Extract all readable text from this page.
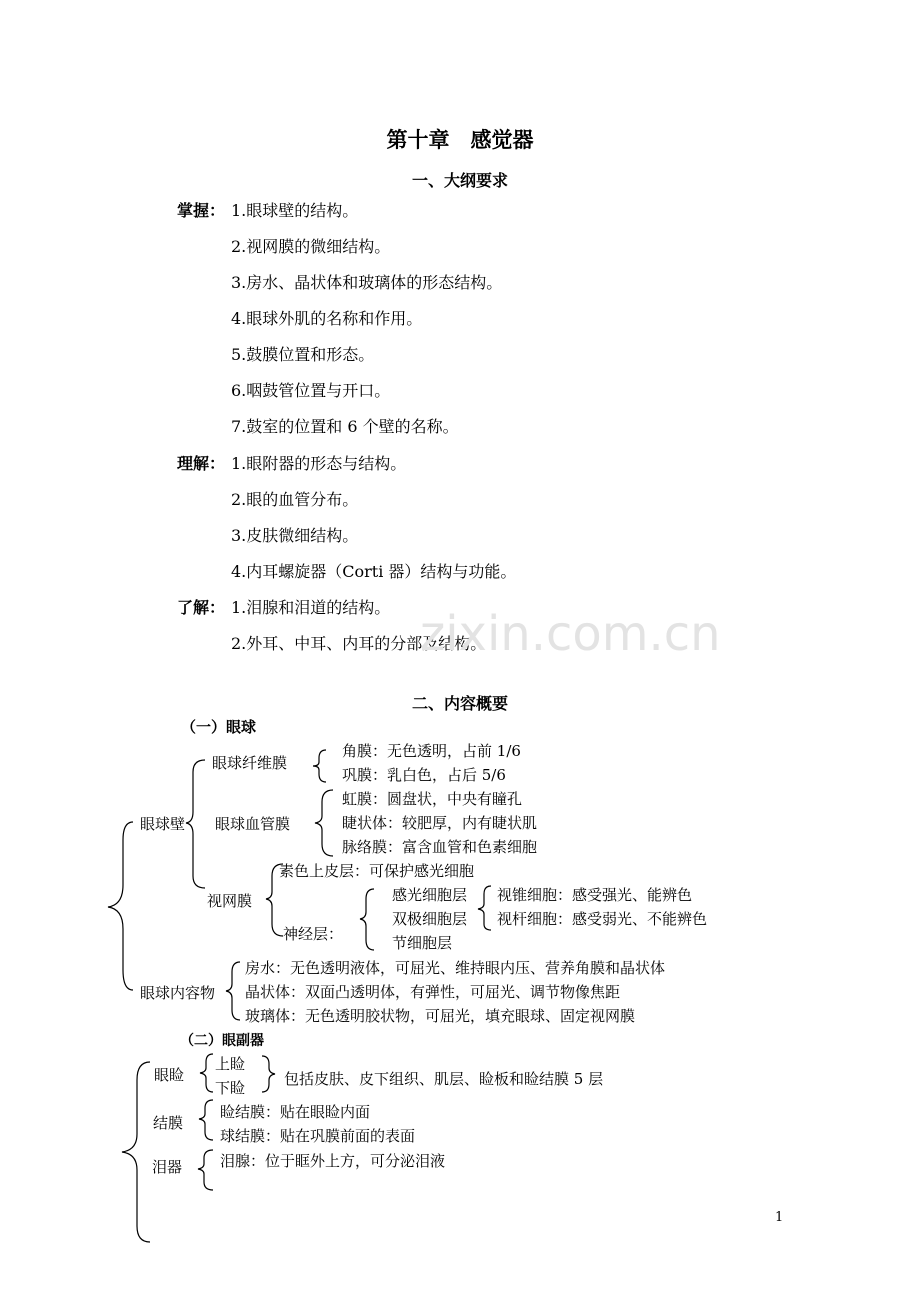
第十章　感觉器
一、大纲要求
掌握： 1.眼球壁的结构。
2.视网膜的微细结构。
3.房水、晶状体和玻璃体的形态结构。
4.眼球外肌的名称和作用。
5.鼓膜位置和形态。
6.咽鼓管位置与开口。
7.鼓室的位置和 6 个壁的名称。
理解： 1.眼附器的形态与结构。
2.眼的血管分布。
3.皮肤微细结构。
4.内耳螺旋器（Corti 器）结构与功能。
了解： 1.泪腺和泪道的结构。
2.外耳、中耳、内耳的分部及结构。
zixin.com.cn
二、内容概要
（一）眼球
眼球壁
眼球纤维膜
角膜：无色透明，占前 1/6
巩膜：乳白色，占后 5/6
眼球血管膜
虹膜：圆盘状，中央有瞳孔
睫状体：较肥厚，内有睫状肌
脉络膜：富含血管和色素细胞
视网膜
素色上皮层：可保护感光细胞
神经层：
感光细胞层
双极细胞层
节细胞层
视锥细胞：感受强光、能辨色
视杆细胞：感受弱光、不能辨色
眼球内容物
房水：无色透明液体，可屈光、维持眼内压、营养角膜和晶状体
晶状体：双面凸透明体，有弹性，可屈光、调节物像焦距
玻璃体：无色透明胶状物，可屈光，填充眼球、固定视网膜
（二）眼副器
眼睑
上睑
下睑	包括皮肤、皮下组织、肌层、睑板和睑结膜 5 层
结膜
睑结膜：贴在眼睑内面
球结膜：贴在巩膜前面的表面
泪器	泪腺：位于眶外上方，可分泌泪液
1
